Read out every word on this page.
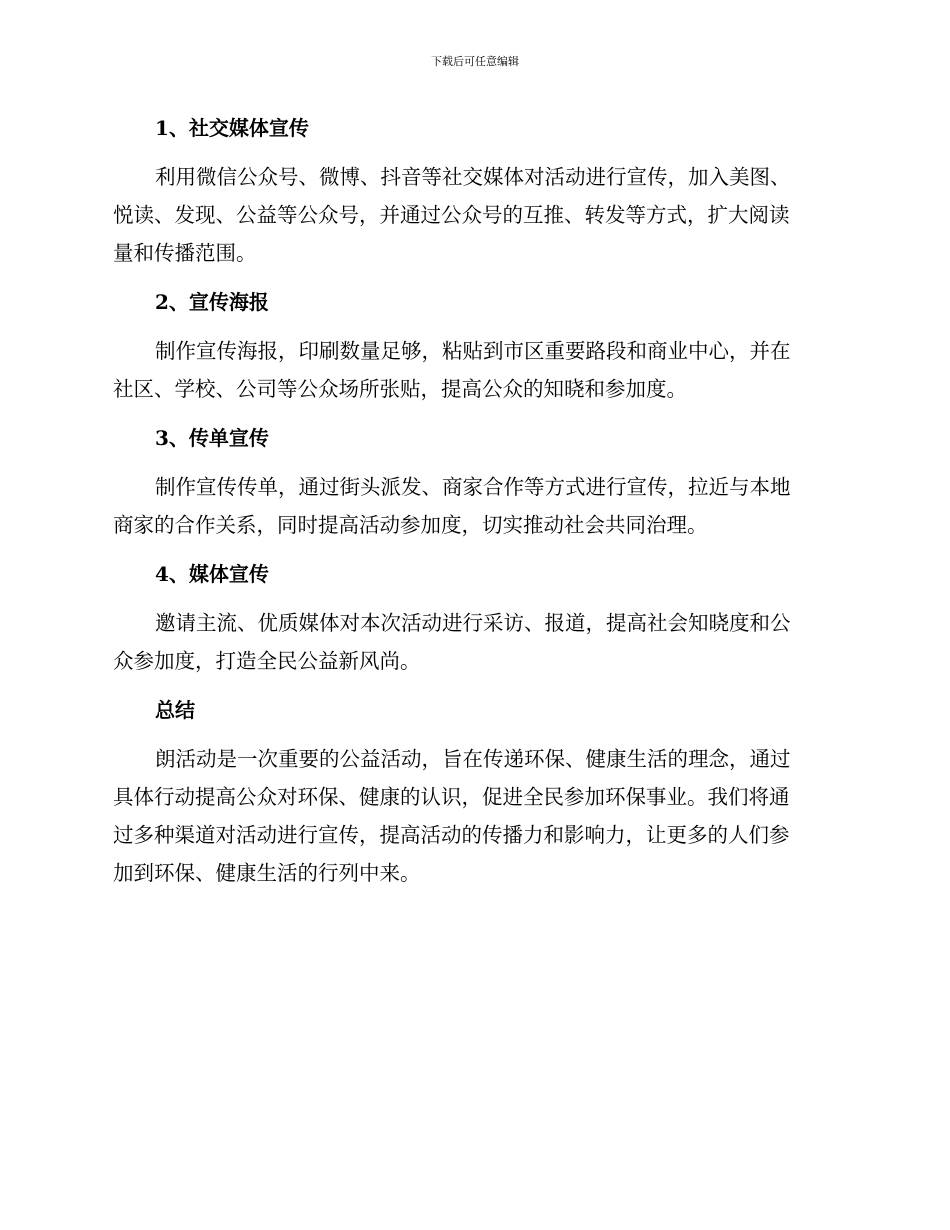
下载后可任意编辑
1、社交媒体宣传
利用微信公众号、微博、抖音等社交媒体对活动进行宣传，加入美图、
悦读、发现、公益等公众号，并通过公众号的互推、转发等方式，扩大阅读
量和传播范围。
2、宣传海报
制作宣传海报，印刷数量足够，粘贴到市区重要路段和商业中心，并在
社区、学校、公司等公众场所张贴，提高公众的知晓和参加度。
3、传单宣传
制作宣传传单，通过街头派发、商家合作等方式进行宣传，拉近与本地
商家的合作关系，同时提高活动参加度，切实推动社会共同治理。
4、媒体宣传
邀请主流、优质媒体对本次活动进行采访、报道，提高社会知晓度和公
众参加度，打造全民公益新风尚。
总结
朗活动是一次重要的公益活动，旨在传递环保、健康生活的理念，通过
具体行动提高公众对环保、健康的认识，促进全民参加环保事业。我们将通
过多种渠道对活动进行宣传，提高活动的传播力和影响力，让更多的人们参
加到环保、健康生活的行列中来。
